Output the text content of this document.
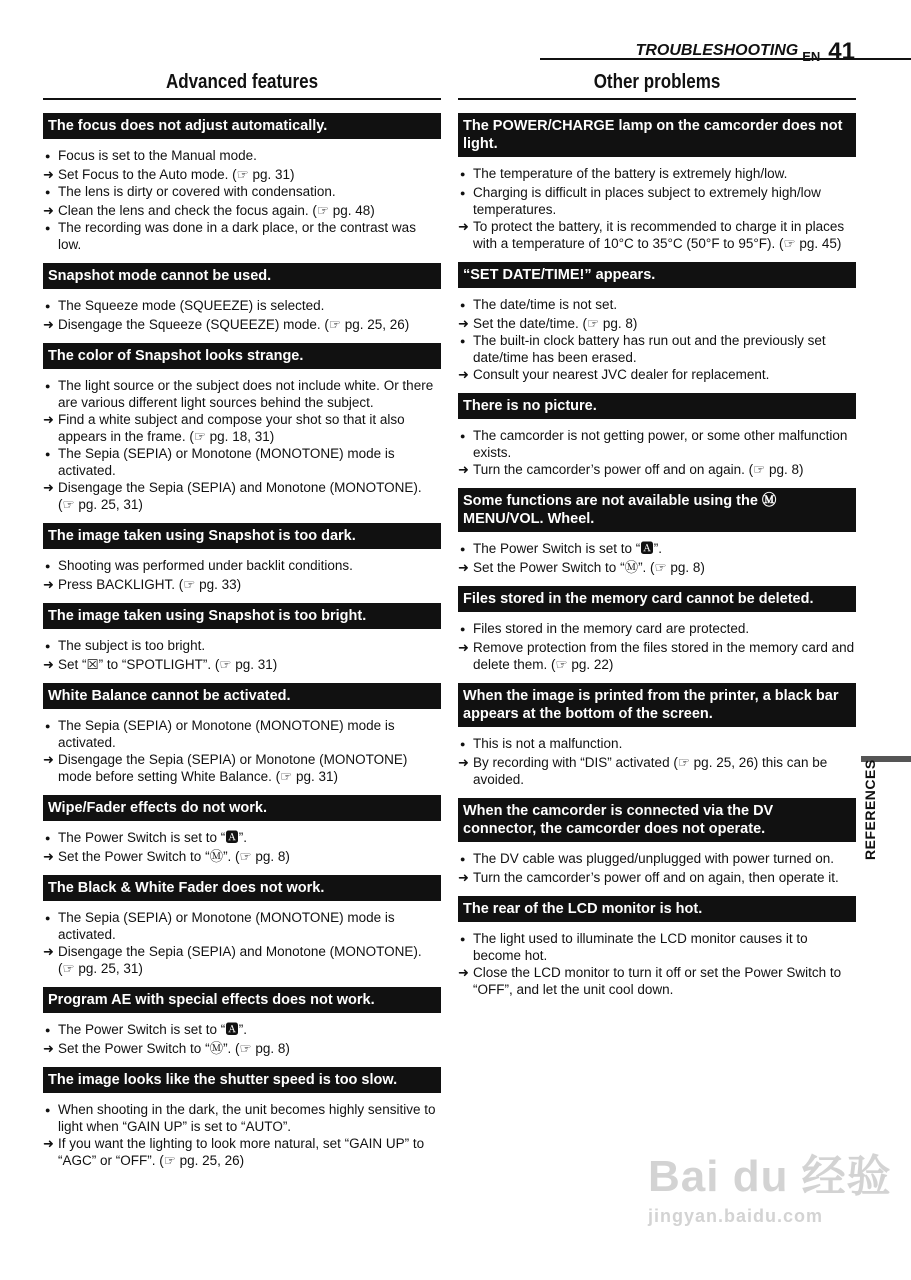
TROUBLESHOOTING EN 41
Advanced features
The focus does not adjust automatically.
●
Focus is set to the Manual mode.
➜
Set Focus to the Auto mode. (☞ pg. 31)
●
The lens is dirty or covered with condensation.
➜
Clean the lens and check the focus again. (☞ pg. 48)
●
The recording was done in a dark place, or the contrast was low.
Snapshot mode cannot be used.
●
The Squeeze mode (SQUEEZE) is selected.
➜
Disengage the Squeeze (SQUEEZE) mode. (☞ pg. 25, 26)
The color of Snapshot looks strange.
●
The light source or the subject does not include white. Or there are various different light sources behind the subject.
➜
Find a white subject and compose your shot so that it also appears in the frame. (☞ pg. 18, 31)
●
The Sepia (SEPIA) or Monotone (MONOTONE) mode is activated.
➜
Disengage the Sepia (SEPIA) and Monotone (MONOTONE). (☞ pg. 25, 31)
The image taken using Snapshot is too dark.
●
Shooting was performed under backlit conditions.
➜
Press BACKLIGHT. (☞ pg. 33)
The image taken using Snapshot is too bright.
●
The subject is too bright.
➜
Set “☒” to “SPOTLIGHT”. (☞ pg. 31)
White Balance cannot be activated.
●
The Sepia (SEPIA) or Monotone (MONOTONE) mode is activated.
➜
Disengage the Sepia (SEPIA) or Monotone (MONOTONE) mode before setting White Balance. (☞ pg. 31)
Wipe/Fader effects do not work.
●
The Power Switch is set to “🅰”.
➜
Set the Power Switch to “Ⓜ”. (☞ pg. 8)
The Black & White Fader does not work.
●
The Sepia (SEPIA) or Monotone (MONOTONE) mode is activated.
➜
Disengage the Sepia (SEPIA) and Monotone (MONOTONE). (☞ pg. 25, 31)
Program AE with special effects does not work.
●
The Power Switch is set to “🅰”.
➜
Set the Power Switch to “Ⓜ”. (☞ pg. 8)
The image looks like the shutter speed is too slow.
●
When shooting in the dark, the unit becomes highly sensitive to light when “GAIN UP” is set to “AUTO”.
➜
If you want the lighting to look more natural, set “GAIN UP” to “AGC” or “OFF”. (☞ pg. 25, 26)
Other problems
The POWER/CHARGE lamp on the camcorder does not light.
●
The temperature of the battery is extremely high/low.
●
Charging is difficult in places subject to extremely high/low temperatures.
➜
To protect the battery, it is recommended to charge it in places with a temperature of 10°C to 35°C (50°F to 95°F). (☞ pg. 45)
“SET DATE/TIME!” appears.
●
The date/time is not set.
➜
Set the date/time. (☞ pg. 8)
●
The built-in clock battery has run out and the previously set date/time has been erased.
➜
Consult your nearest JVC dealer for replacement.
There is no picture.
●
The camcorder is not getting power, or some other malfunction exists.
➜
Turn the camcorder’s power off and on again. (☞ pg. 8)
Some functions are not available using the Ⓜ MENU/VOL. Wheel.
●
The Power Switch is set to “🅰”.
➜
Set the Power Switch to “Ⓜ”. (☞ pg. 8)
Files stored in the memory card cannot be deleted.
●
Files stored in the memory card are protected.
➜
Remove protection from the files stored in the memory card and delete them. (☞ pg. 22)
When the image is printed from the printer, a black bar appears at the bottom of the screen.
●
This is not a malfunction.
➜
By recording with “DIS” activated (☞ pg. 25, 26) this can be avoided.
When the camcorder is connected via the DV connector, the camcorder does not operate.
●
The DV cable was plugged/unplugged with power turned on.
➜
Turn the camcorder’s power off and on again, then operate it.
The rear of the LCD monitor is hot.
●
The light used to illuminate the LCD monitor causes it to become hot.
➜
Close the LCD monitor to turn it off or set the Power Switch to “OFF”, and let the unit cool down.
REFERENCES
Bai du 经验
jingyan.baidu.com
